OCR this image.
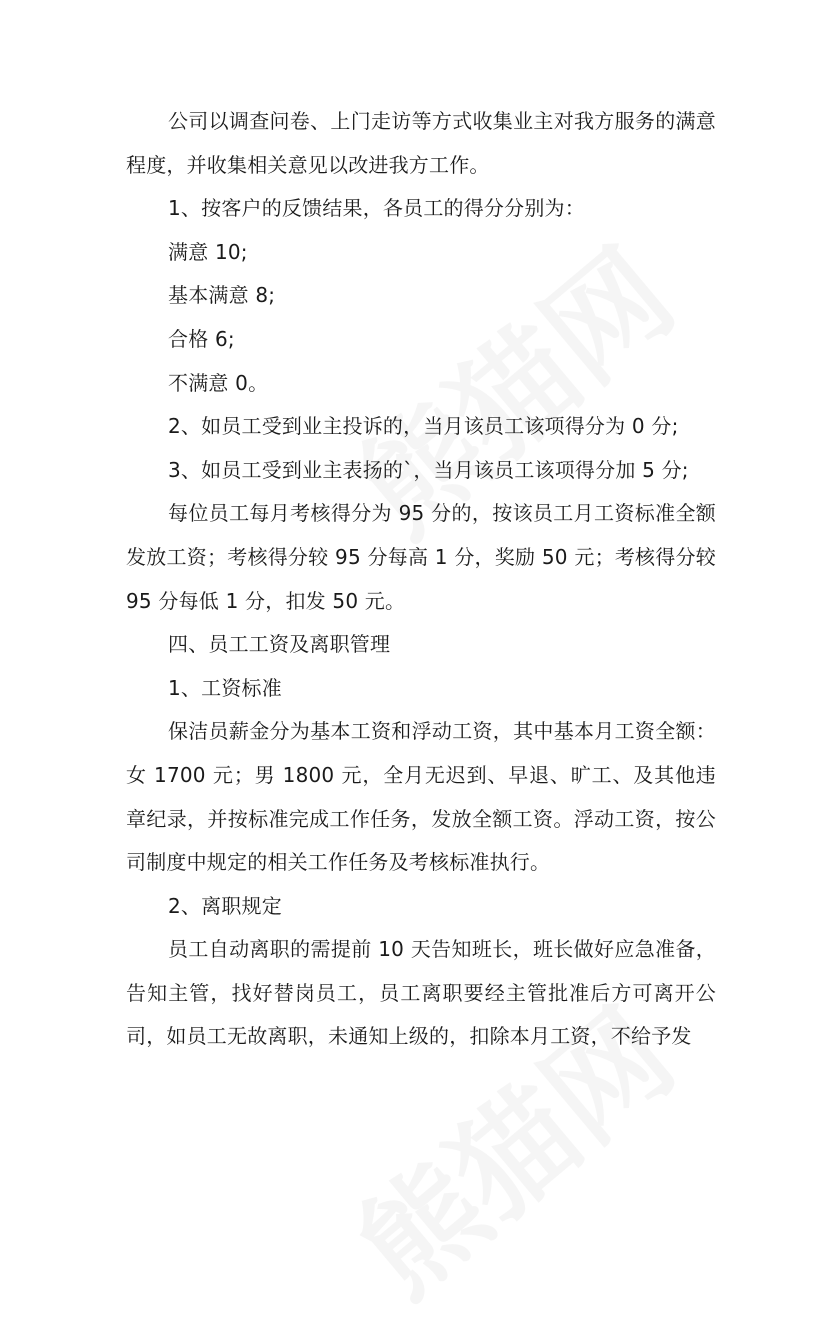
公司以调查问卷、上门走访等方式收集业主对我方服务的满意程度，并收集相关意见以改进我方工作。

1、按客户的反馈结果，各员工的得分分别为：

满意 10;

基本满意 8;

合格 6;

不满意 0。

2、如员工受到业主投诉的，当月该员工该项得分为 0 分;

3、如员工受到业主表扬的`，当月该员工该项得分加 5 分;

每位员工每月考核得分为 95 分的，按该员工月工资标准全额发放工资；考核得分较 95 分每高 1 分，奖励 50 元；考核得分较 95 分每低 1 分，扣发 50 元。

四、员工工资及离职管理

1、工资标准

保洁员薪金分为基本工资和浮动工资，其中基本月工资全额：女 1700 元；男 1800 元，全月无迟到、早退、旷工、及其他违章纪录，并按标准完成工作任务，发放全额工资。浮动工资，按公司制度中规定的相关工作任务及考核标准执行。

2、离职规定

员工自动离职的需提前 10 天告知班长，班长做好应急准备，告知主管，找好替岗员工，员工离职要经主管批准后方可离开公司，如员工无故离职，未通知上级的，扣除本月工资，不给予发
